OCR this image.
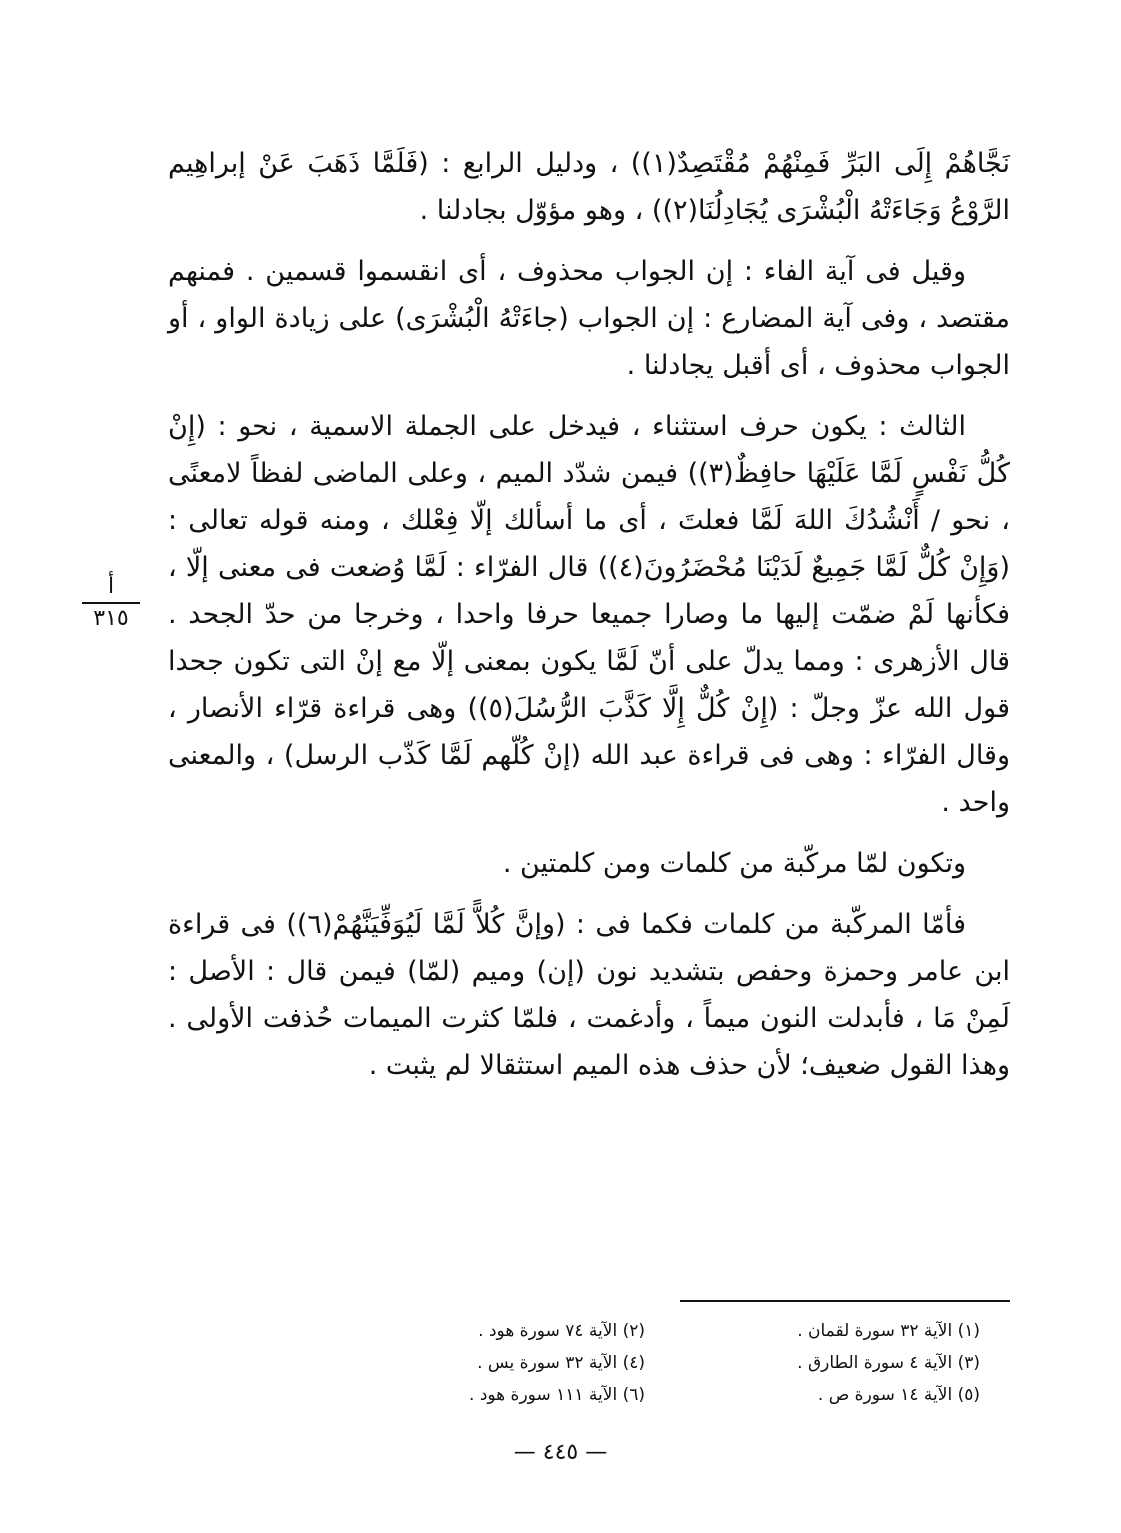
نَجَّاهُمْ إِلَى البَرِّ فَمِنْهُمْ مُقْتَصِدٌ(١)) ، ودليل الرابع : (فَلَمَّا ذَهَبَ عَنْ إبراهِيم الرَّوْعُ وَجَاءَتْهُ الْبُشْرَى يُجَادِلُنَا(٢)) ، وهو مؤوّل بجادلنا .

وقيل فى آية الفاء : إن الجواب محذوف ، أى انقسموا قسمين . فمنهم مقتصد ، وفى آية المضارع : إن الجواب (جاءَتْهُ الْبُشْرَى) على زيادة الواو ، أو الجواب محذوف ، أى أقبل يجادلنا .

الثالث : يكون حرف استثناء ، فيدخل على الجملة الاسمية ، نحو : (إِنْ كُلُّ نَفْسٍ لَمَّا عَلَيْهَا حافِظٌ(٣)) فيمن شدّد الميم ، وعلى الماضى لفظاً لامعنًى ، نحو / أَنْشُدُكَ اللهَ لَمَّا فعلتَ ، أى ما أسألك إلّا فِعْلك ، ومنه قوله تعالى : (وَإِنْ كُلٌّ لَمَّا جَمِيعٌ لَدَيْنَا مُحْضَرُونَ(٤)) قال الفرّاء : لَمَّا وُضعت فى معنى إلّا ، فكأنها لَمْ ضمّت إليها ما وصارا جميعا حرفا واحدا ، وخرجا من حدّ الجحد . قال الأزهرى : ومما يدلّ على أنّ لَمَّا يكون بمعنى إلّا مع إنْ التى تكون جحدا قول الله عزّ وجلّ : (إِنْ كُلٌّ إِلَّا كَذَّبَ الرُّسُلَ(٥)) وهى قراءة قرّاء الأنصار ، وقال الفرّاء : وهى فى قراءة عبد الله (إنْ كُلّهم لَمَّا كَذّب الرسل) ، والمعنى واحد .

وتكون لمّا مركّبة من كلمات ومن كلمتين .

فأمّا المركّبة من كلمات فكما فى : (وإنَّ كُلاًّ لَمَّا لَيُوَفِّيَنَّهُمْ(٦)) فى قراءة ابن عامر وحمزة وحفص بتشديد نون (إن) وميم (لمّا) فيمن قال : الأصل : لَمِنْ مَا ، فأبدلت النون ميماً ، وأدغمت ، فلمّا كثرت الميمات حُذفت الأولى . وهذا القول ضعيف؛ لأن حذف هذه الميم استثقالا لم يثبت .

أ
٣١٥
(١) الآية ٣٢ سورة لقمان .
(٢) الآية ٧٤ سورة هود .
(٣) الآية ٤ سورة الطارق .
(٤) الآية ٣٢ سورة يس .
(٥) الآية ١٤ سورة ص .
(٦) الآية ١١١ سورة هود .
— ٤٤٥ —
